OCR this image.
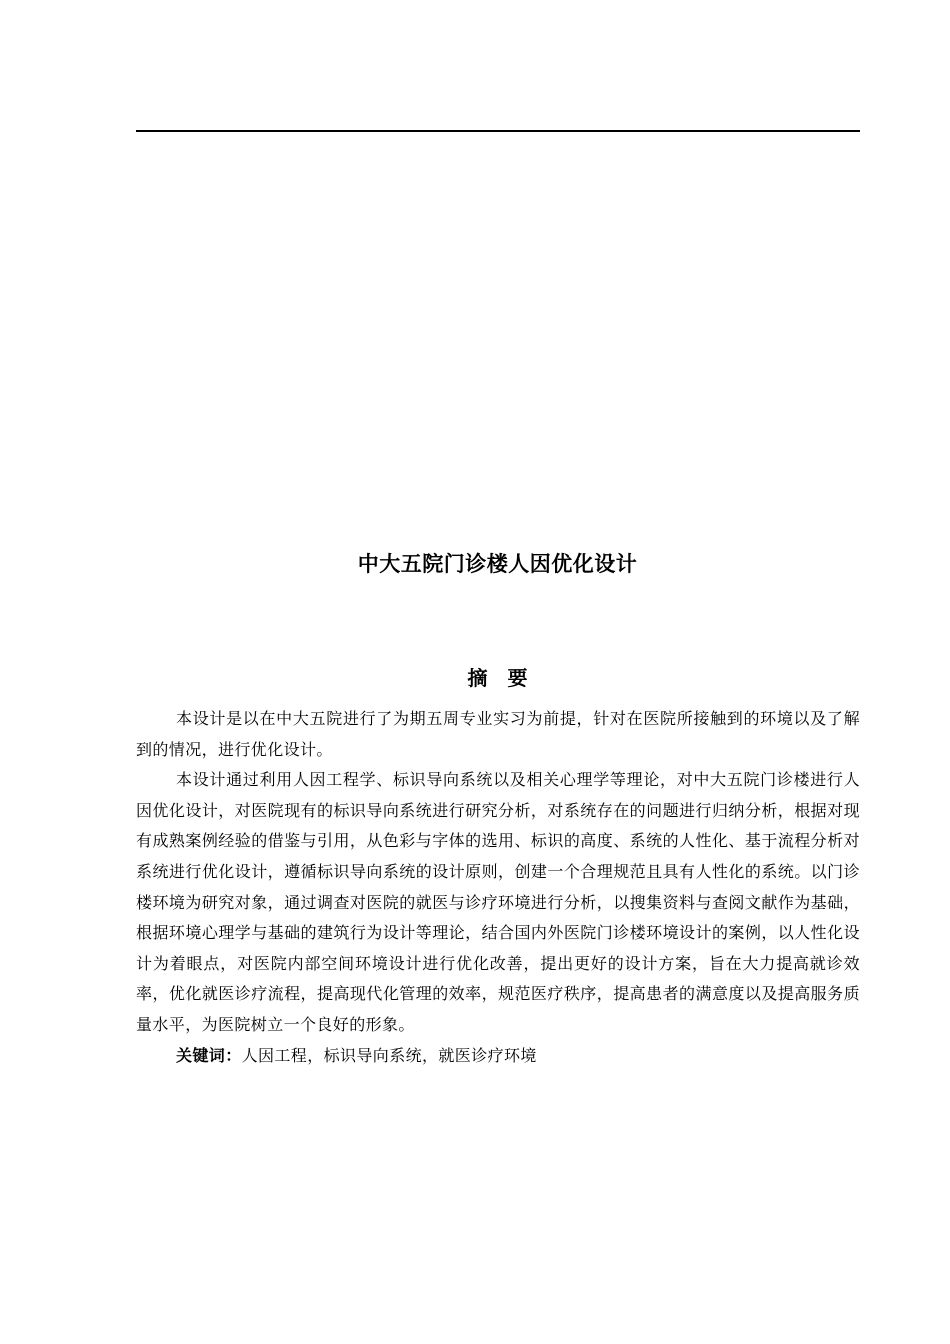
中大五院门诊楼人因优化设计
摘　要

本设计是以在中大五院进行了为期五周专业实习为前提，针对在医院所接触到的环境以及了解到的情况，进行优化设计。

本设计通过利用人因工程学、标识导向系统以及相关心理学等理论，对中大五院门诊楼进行人因优化设计，对医院现有的标识导向系统进行研究分析，对系统存在的问题进行归纳分析，根据对现有成熟案例经验的借鉴与引用，从色彩与字体的选用、标识的高度、系统的人性化、基于流程分析对系统进行优化设计，遵循标识导向系统的设计原则，创建一个合理规范且具有人性化的系统。以门诊楼环境为研究对象，通过调查对医院的就医与诊疗环境进行分析，以搜集资料与查阅文献作为基础，根据环境心理学与基础的建筑行为设计等理论，结合国内外医院门诊楼环境设计的案例，以人性化设计为着眼点，对医院内部空间环境设计进行优化改善，提出更好的设计方案，旨在大力提高就诊效率，优化就医诊疗流程，提高现代化管理的效率，规范医疗秩序，提高患者的满意度以及提高服务质量水平，为医院树立一个良好的形象。

关键词：人因工程，标识导向系统，就医诊疗环境
